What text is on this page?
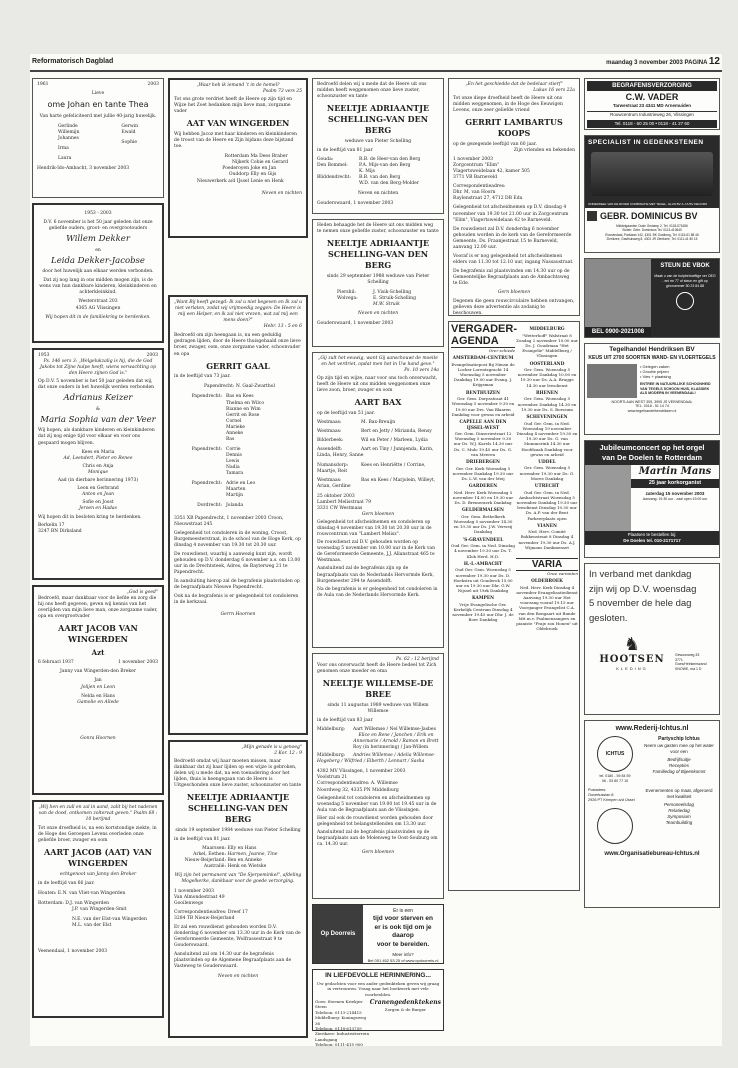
Reformatorisch Dagblad	maandag 3 november 2003 PAGINA 12
1961	2003
Lieve
ome Johan en tante Thea
Van harte gefeliciteerd met jullie 40-jarig huwelijk.
Gerlinde
Willemijn
Johannes
Irma
Laura
Gerwin
Ewald
Sophie
Hendrik-Ido-Ambacht, 3 november 2003
1953 - 2003
D.V. 6 november is het 50 jaar geleden dat onze geliefde ouders, groot- en overgrootouders
Willem Dekker
en
Leida Dekker-Jacobse
door het huwelijk aan elkaar werden verbonden.
Dat zij nog lang in ons midden mogen zijn, is de wens van hun dankbare kinderen, kleinkinderen en achterkleinkind.
Westerstraat 203
4365 AG Vlissingen
Wij hopen dit in de familiekring te herdenken.
1953	2003
Ps. 146 vers 3: „Welgelukzalig is hij, die de God Jakobs tot Zijne hulpe heeft, wiens verwachting op den Heere zijnen God is."
Op D.V. 5 november is het 50 jaar geleden dat wij, dat onze ouders in het huwelijk werden verbonden
Adrianus Keizer
&
Maria Sophia van der Veer
Wij hopen, als dankbare kinderen en kleinkinderen dat zij nog enige tijd voor elkaar en voor ons gespaard mogen blijven.
Kees en Maria
Ad, Leendert, Pieter en Renee
Chris en Anja
Monique
Aad (in dierbare herinnering 1973)
Leon en Gerbrand
Anton en Joan
Sofie en Joost
Jeroen en Hadas
Wij hopen dit in besloten kring te herdenken.
Berkelin 17
3247 BN Dirksland
„God is goed"
Bedroefd, maar dankbaar voor de liefde en zorg die hij ons heeft gegeven, geven wij kennis van het overlijden van mijn lieve man, onze zorgzame vader, opa en overgrootvader
AART JACOB VAN WINGERDEN
Azt
6 februari 1937	1 november 2003
Janny van Wingerden-den Breker
Jan
Jolijen en Leon
Nelda en Hans
Gamolie en Allede
Gonra Hoornen
„Wij hen en zull en zal in aand, zalit bij het nadenen van de dood, ontkomen zoltervat geven." Psalm 68 : 10 berijmd
Tot onze droefheid is, na een kortstondige ziekte, in de Hoge des Geroepen Levens overleden onze geliefde broer, zwager en oom
AART JACOB (AAT) VAN WINGERDEN
echtgenoot van Janny den Breker
in de leeftijd van 66 jaar.
Houten: E.N. van Vliet-van Wingerden
Rotterdam: D.J. van Wingerden
J.P. van Wingerden-Smit
N.E. van der Elst-van Wingerden
M.L. van der Elst
Veenendaal, 1 november 2003
„Waar heb ik iemand ’t in de hemel?
Psalm 73 vers 25
Tot ons grote verdriet heeft de Heere op zijn tijd en Wijze het Zoet bedanken mijn lieve man, zorgzame vader
AAT VAN WINGERDEN
Wij hebben Jacoz met haar kinderen en kleinkinderen de troost van de Heere en Zijn bijdans deze bijstand toe.
Rotterdam Ma Dees Braber
Nijkerk Cobie en Gerard
Poederoyen Joke en Jan
Ouddorp Elly en Gijs
Nieuwerkerk a/d IJssel Lenie en Henk
Neven en nichten
„Want Bij heeft gezegd: Ik zal u niet begeven en Ik zal u niet verlaten, zodat wij vrijmoedig zeggen: De Heere is mij een Helper, en ik zal niet vrezen, wat zal mij een mens doen?"
Hebr. 13 : 5 en 6
Bedroefd om zijn heengaan is, nu een geduldig gedragen lijden, door de Heere thuisgehaald onze lieve broer, zwager, oom, onze zorgzame vader, schoonvader en opa
GERRIT GAAL
in de leeftijd van 73 jaar.
Papendrecht: N. Gaal-Zwarthol
Papendrecht: Bas en Kees
Thelma en Wilco
Rianne en Wim
Gerrit en Rose
Cornel
Marieke
Anneke
Bas
Papendrecht: Corrie
Dennis
Lewis
Nadia
Tamara
Papendrecht: Adrie en Leo
Maarten
Martijn
Dordrecht: Jolanda
3351 XB Papendrecht, 1 november 2003 Croon, Nieuwstraat 245
Gelegenheid tot condoleren in de woning, Croost, Burgemeesterstraat, in de school van de Hoge Kerk, op dinsdag 4 november van 19.30 tot 20.30 uur.
De rouwdienst, waarbij u aanwezig kunt zijn, wordt gehouden op D.V. donderdag 6 november a.s. om 13.00 uur in de Drechtsteek, Adres, de Bayterweg 21 te Papendrecht.
In aansluiting hierop zal de begrafenis plaatsvinden op de begraafplaats Nieuwe Papendrecht.
Ook na de begrafenis is er gelegenheid tot condoleren in de kerkzaal.
Gerrn Hoornen
„Mijn genade is u genoeg"
2 Kor. 12 : 9
Bedroefd omdat wij haar moeten missen, maar dankbaar dat zij haar lijden op een wijze is gebroken, delen wij u mede dat, na een toenadering door het lijden, thuis is heengegaan van de Heere is Uitgeschonden onze lieve zuster, schoonzuster en tante
NEELTJE ADRIAANTJE SCHELLING-VAN DEN BERG
sinds 19 september 1984 weduwe van Pieter Schelling
in de leeftijd van 81 jaar.
Maarssen: Elly en Hans
Arkel, Eethen: Harmen, Joanne, Tine
Nieuw-Beijerland: Ben en Anneke
Australië: Henk en Wietske
Wij zijn het permanent van "De Sjerpeminkel", afdeling Mogelkerke, dankbaar voor de goede verzorging.
1 november 2003
Van Almondestraat 49
Gooilenwegs
Correspondentieadres: Dreef 17
3284 TB Nieuw-Beijerland
Er zal een rouwdienst gehouden worden D.V. donderdag 6 november om 13.30 uur in de Kerk van de Gereformeerde Gemeente, Wolfrassestraat 9 te Gouderswaard.
Aansluitend zal om 14.30 uur de begrafenis plaatsvinden op de Algemene Begraafplaats aan de Vasteweg te Gouderswaard.
Neven en nichten
Bedroefd delen wij u mede dat de Heere uit ons midden heeft weggenomen onze lieve zuster, schoonzuster en tante
NEELTJE ADRIAANTJE SCHELLING-VAN DEN BERG
weduwe van Pieter Schelling
in de leeftijd van 81 jaar
Gouda:	R.B. de Heer-van den Berg
Den Bommel: P.A. Mijs-van den Berg
K. Mijs
Bliddendrecht: B.B. van den Berg
W.D. van den Berg-Molder
Neven en nichten
Gouderswaard, 1 november 2003
Heden behaagde het de Heere uit ons midden weg te nemen onze geliefde zuster, schoonzuster en tante
NEELTJE ADRIAANTJE SCHELLING-VAN DEN BERG
sinds 29 september 1988 weduwe van Pieter Schelling
Piershil:	J. Visik-Schelling
Wolvega:	E. Struik-Schelling
M.W. Struik
Neven en nichten
Gouderswaard, 1 november 2003
„Gij zult het eeuwig, want Gij aanschouwt de moeite en het verdriet, opdat men het in Uw hand geve."
Ps. 10 vers 14a
Op zijn tijd en wijze, naar voor ons toch onverwacht, heeft de Heere uit ons midden weggenomen onze lieve zoon, broer, zwager en oom
AART BAX
op de leeftijd van 51 jaar.
Westmaas:	M. Bax-Breuijn
Westmaas:	Bert en Jetty / Mirianda, Rensy
Bilderbeek:	Wil en Peter / Marleen, Lydia
Assendelft:	Aart en Tiny / Junnjenda, Karin, Linda, Henry, Sanne
Numansdorp:	Kees en Henriëtte / Corrine, Maartje, Reit
Westmaas:	Bas en Kees / Marjolein, Willeyt, Arian, Gerdine
25 oktober 2003
Lambert Melisstraat 79
3331 CW Westmaas
Gern bloemen
Gelegenheid tot afscheidnemen en condoleren op dinsdag 4 november van 19.30 tot 20.30 uur in de rouwcentrum van "Lambert Melisz".
De rouwdienst zal D.V. gehouden worden op woensdag 5 november om 10.00 uur in de Kerk van de Gereformeerde Gemeente, J.J. Allanstraat 465 te Westmaas.
Aansluitend zal de begrafenis zijn op de begraafplaats van de Nederlands Hervormde Kerk, Burgemeester 294 te Assendelft.
Na de begrafenis is er gelegenheid tot condoleren in de Aula van de Nederlands Hervormde Kerk.
Ps. 62 : 12 berijmd
Voor ons onverwacht heeft de Heere bedeel tot Zich genomen onze moeder en oma
NEELTJE WILLEMSE-DE BREE
sinds 11 augustus 1989 weduwe van Willem Willemse
in de leeftijd van 83 jaar
Middelburg: Aart Willemse / Nel Willemse-Jasbes
Elice en Rene / Janchen / Erik en Annemarie / Arnold / Ramon en Brett
Roy (in herinnering) / Jan-Willem
Middelburg: Andries Willemse / Adelia Willemse-Hogeberg / Wilfried / Elberth / Lennart / Sasha
4382 MV Vlissingen, 1 november 2003
Voolstrum 21
Correspondentieadres: A. Willemse
Noordweg 32, 4335 PN Middelburg
Gelegenheid tot condoleren en afscheidnemen op woensdag 5 november van 19.00 tot 19.45 uur in de Aula van de Begraafplaats aan de Vlissingen.
Hier zal ook de rouwdienst worden gehouden door gelegenheid tot belangstellenden om 13.30 uur.
Aansluitend zal de begrafenis plaatsvinden op de begraafplaats aan de Molenweg te Oost-Souburg om ca. 14.30 uur.
Gern bloemen
Op Doorreis
Er is een
tijd voor sterven en
er is ook tijd om je daarop
voor te bereiden.
Meer info?
Bel 051 452 53 25 of www.opdoorreis.nl
IN LIEFDEVOLLE HERINNERING...
Uw gedachten voor een ander gedenkteken geven wij graag in vertrouwen. Vraag naar het boekwerk met vele voorbeelden.
Goes: Steenen Kriekjes-Steen
Telefoon: 0113-214415
Middelburg: Koningsweg 36
Telefoon: 0118-613759
Zierikzee: Industrieterrein Landsgang
Telefoon: 0111-415 900
Cranengedenktekens
Zorgen & de Burger
„En het geschiedde dat de bedelaar stierf"
Lukas 16 vers 22a
Tot onze diepe droefheid heeft de Heere uit ons midden weggenomen, in de Hoge des Eeuwigen Levens, onze zeer geliefde vriend
GERRIT LAMBARTUS KOOPS
op de gezegende leeftijd van 60 jaar.
Zijn vrienden en bekenden
1 november 2003
Zorgcentrum "Elim"
Vlagertsweidelaan 42, kamer 505
3771 VB Barneveld
Correspondentieadres:
Dhr. M. van Hoorn
Raylenstraat 27, 4712 DB Edu
Gelegenheid tot afscheidnemen op D.V. dinsdag 4 november van 19.30 tot 21.00 uur in Zorgcentrum "Elim", Vlagertsweidelaan 42 te Barneveld.
De rouwdienst zal D.V. donderdag 6 november gehouden worden in de kerk van de Gereformeerde Gemeente, Ds. Fraanjestraat 15 te Barneveld, aanvang 12.00 uur.
Vooraf is er nog gelegenheid tot afscheidnemen elders van 11.30 tot 12.10 uur, ingang Nassaustraat.
De begrafenis zal plaatsvinden om 14.30 uur op de Gemeentelijke Begraafplaats aan de Ambachtsweg te Ede.
Gern bloemen
Degenen die geen rouwcirculaire hebben ontvangen, gelieven deze advertentie als zodanig te beschouwen.
VERGADER-
AGENDA
Orer schiede
AMSTERDAM-CENTRUM
Evangelisatiepost Bij Nimsn de Locker Lorentzgracht 14 Woensdag 5 november Dankdag 19.00 uur Evang. J. Krijgsman
BENTHUIZEN
Ger. Gem. Dorpsstraat 41 Woensdag 5 november 9.30 en 19.00 uur Drs. Van Blaaren Dankdag voor gewas en arbeid
CAPELLE AAN DEN IJSSEL-WEST
Ger. Gem. Dinseriestraat 12 Woensdag 5 november 9.30 uur Ds. W.J. Karels 14.30 uur Ds. C. Mulo 19.45 uur Ds. G. van Meeren
DRIEBERGEN
Ger. Ger. Kerk Woensdag 5 november Dankdag 19.30 uur Ds. L.W. van der Meij
GARDEREN
Ned. Herv. Kerk Woensdag 5 november 14.00 en 19.30 uur Ds. D. Bremeraerk Dankdag
GELDERMALSEN
Ger. Gem. Bethelkerk Woensdag 5 november 14.30 en 19.30 uur Ds. J.W. Verweij Dankdag
'S-GRAVENDEEL
Oud Ger. Gem. in Ned. Dinsdag 4 november 19.30 uur Ds. T. Klok Herd. H.D.
H.-I.-AMBACHT
Oud Ger. Gem. Woensdag 5 november 19.30 uur Ds. D. Hoekstra uit Gouderok 15.00 uur en 19.30 uur Dhr. G.W. Nijssel uit Utrk Dankdag
KAMPEN
Vrije Evangelische Ger. Kerkelijk Centrum Dinsdag 4 november 19.45 uur Dhr. J. de Boer Dankdag
MIDDELBURG
"Wetterhoff" Walstraat 8 Zondag 2 november 10.00 uur Ds. J. Goudriaan "Het Evangelie" Middelburg / Vlissingen
OOSTERLAND
Ger. Gem. Woensdag 5 november Dankdag 10.00 en 19.30 uur Ds. A.A. Brugge 14.30 uur leesdienst
RHENEN
Ger. Gem. Woensdag 5 november Dankdag 14.30 en 19.30 uur Ds. S. Borssum
SCHEVENINGEN
Oud Ger. Gem. in Ned. Woensdag 19 november Dinsdag 4 november 19.30 en 19.30 uur Ds. G. van Mummerink 14.30 uur Hoofdzaak Dankdag voor gewas en arbeid
UDDEL
Ger. Gem. Woensdag 5 november 19.30 uur Ds. G. Moree Dankdag
UTRECHT
Oud Ger. Gem. in Ned. Ambachtstraat Woensdag 5 november Dankdag 19.30 uur leesdienst Dinsdag 19.30 uur Ds. A.P. van der Bent Parkeerplaats open
VIANEN
Ned. Herv. Comité Bokkenstraat 8 Dinsdag 4 november 19.30 uur Ds. A.J. Wijmans Dankmenset
VARIA
Onze varianten
OLDEBROEK
Ned. Herv. Kerk Dinsdag 4 november Evangelisatiedienst Aanvang 19.30 uur Het voorzang vooraf 19.15 uur Voorganger Evangelist C.A. van den Bongaart uit Bunde Mit m.v. Psalmenzangers en pianiste "Fraje zou Honen" uit Oldebroek
BEGRAFENISVERZORGING
C.W. VADER
Tarwestraat 23 4341 MD Arnemuiden
Rouwcentrum Industrieweg 26, Vlissingen
Tel. 0118 - 60 25 00 • 0118 - 41 27 60
SPECIALIST IN GEDENKSTENEN
ONDERDEEL VAN DE RIVIER COMBINATIE MET TEGEL, GLAS BV A.J.S BV DECORS
GEBR. DOMINICUS BV
Middelgaarden Oude Gedamp 2, Tel. 0118-571656
Sloten: Gebr. Dominicus Tel. 0113-410640
Roosendaal, Parklaan 142, 4301 BK Oostburg, Tel. 0115-61 88 46
Zierikzee, Gasthuisweg 8, 4301 JR Zierikzee, Tel. 0111-41 80 15
BEL 0900-2021008
STEUN DE VBOK
Maak u van de hulpbehoeftige ver OEG - eni en 77 of steun en gift op gironummer 50 23 84 88
Tegelhandel Hendriksen BV
KEUS UIT 2700 SOORTEN WAND- EN VLOERTEGELS
• Gelegen zaken
• Grootte prijzen
• Vies + plaatsing
ENTREE IN NATUURLIJKE SCHOONHEID VAN TEGELS SCHOON HUIS, KLASSIEK ALS MODERN IN VEENENDAAL!
NOORTLAAN WEST 305, 3905 JS VEENENDAAL
TEL. 0318 - 51 14 74
www.tegelhandelhendriksen.nl
Jubileumconcert op het orgel
van De Doelen te Rotterdam
Martin Mans
25 jaar korkorganist
zaterdag 15 november 2003
Aanvang: 19.30 uur - zaal open 19.00 uur
Plaatsen te bestellen bij:
De Doelen tel. 010-2171717
In verband met dankdag
zijn wij op D.V. woensdag
5 november de hele dag
gesloten.
♞
HOOTSEN
KLEDING
Gewoonweg 33
3771 Goes/Heinkenszand
SNOWE, ma 1 D
www.Rederij-Ichtus.nl
ICHTUS
tel. 0180 - 59 84 59
06 - 53 80 77 10
Partyschip Ichtus
Neem uw gasten mee op het water voor een
Bedrijfsuitje
Recepties
Familiedag of Bijeenkomst
Postadres:
Oovertusslan 8
2926 PT Krimpen a/d IJssel
Evenementen op maat, afgeroerd met kwaliteit
Personeelsdag
Relatiedag
Symposium
Teambuilding
www.Organisatiebureau-Ichtus.nl
